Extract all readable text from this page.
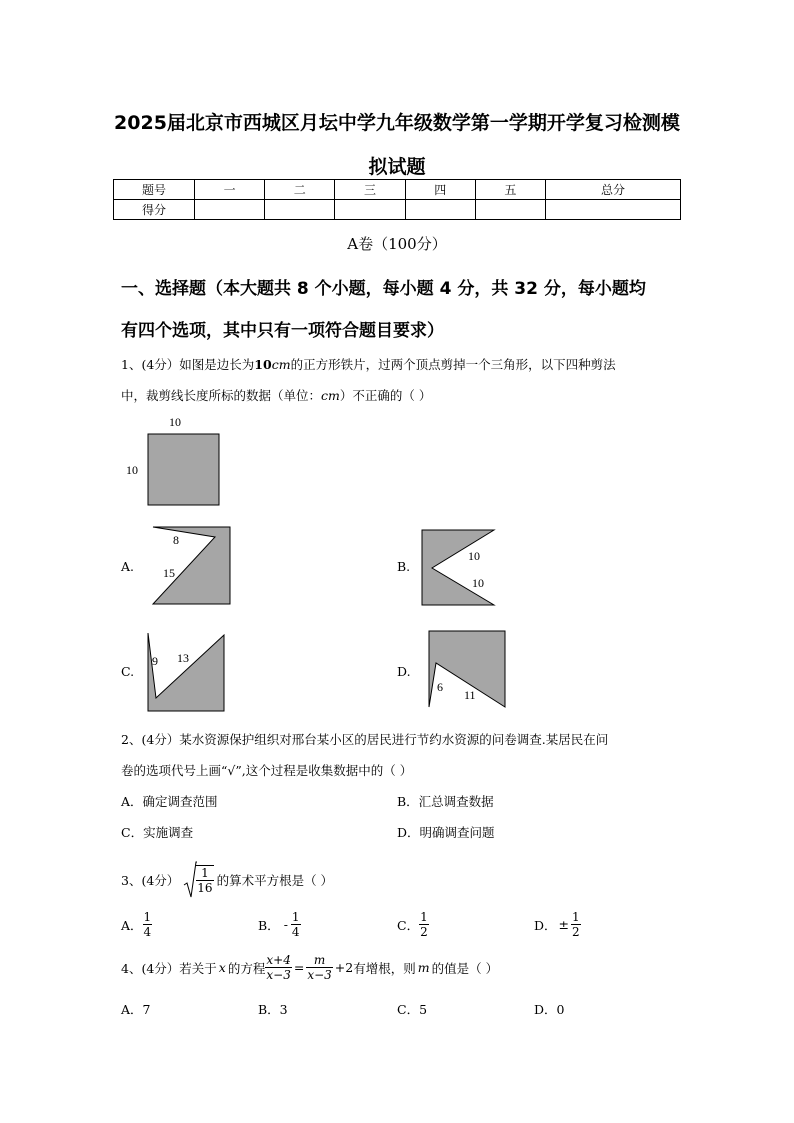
2025届北京市西城区月坛中学九年级数学第一学期开学复习检测模
拟试题
题号	一	二	三	四	五	总分
得分						
A卷（100分）
一、选择题（本大题共 8 个小题，每小题 4 分，共 32 分，每小题均
有四个选项，其中只有一项符合题目要求）
1、(4分）如图是边长为10cm的正方形铁片，过两个顶点剪掉一个三角形，以下四种剪法
中，裁剪线长度所标的数据（单位：cm）不正确的（ ）
10
10
A.
8
15	B.
10
10
C.
9 13
D.
6
11
2、(4分）某水资源保护组织对邢台某小区的居民进行节约水资源的问卷调查.某居民在问
卷的选项代号上画“√”,这个过程是收集数据中的（ ）
A．确定调查范围	B．汇总调查数据
C．实施调查	D．明确调查问题
3、(4分） $\frac{1}{16}$ 的算术平方根是（ ）
A． $\frac{1}{4}$	B． - $\frac{1}{4}$	C． $\frac{1}{2}$	D． ± $\frac{1}{2}$
4、(4分）若关于 x 的方程 $\frac{x+4}{x-3} = \frac{m}{x-3} +2$ 有增根，则 m 的值是（ ）
A．7	B．3	C．5	D．0
